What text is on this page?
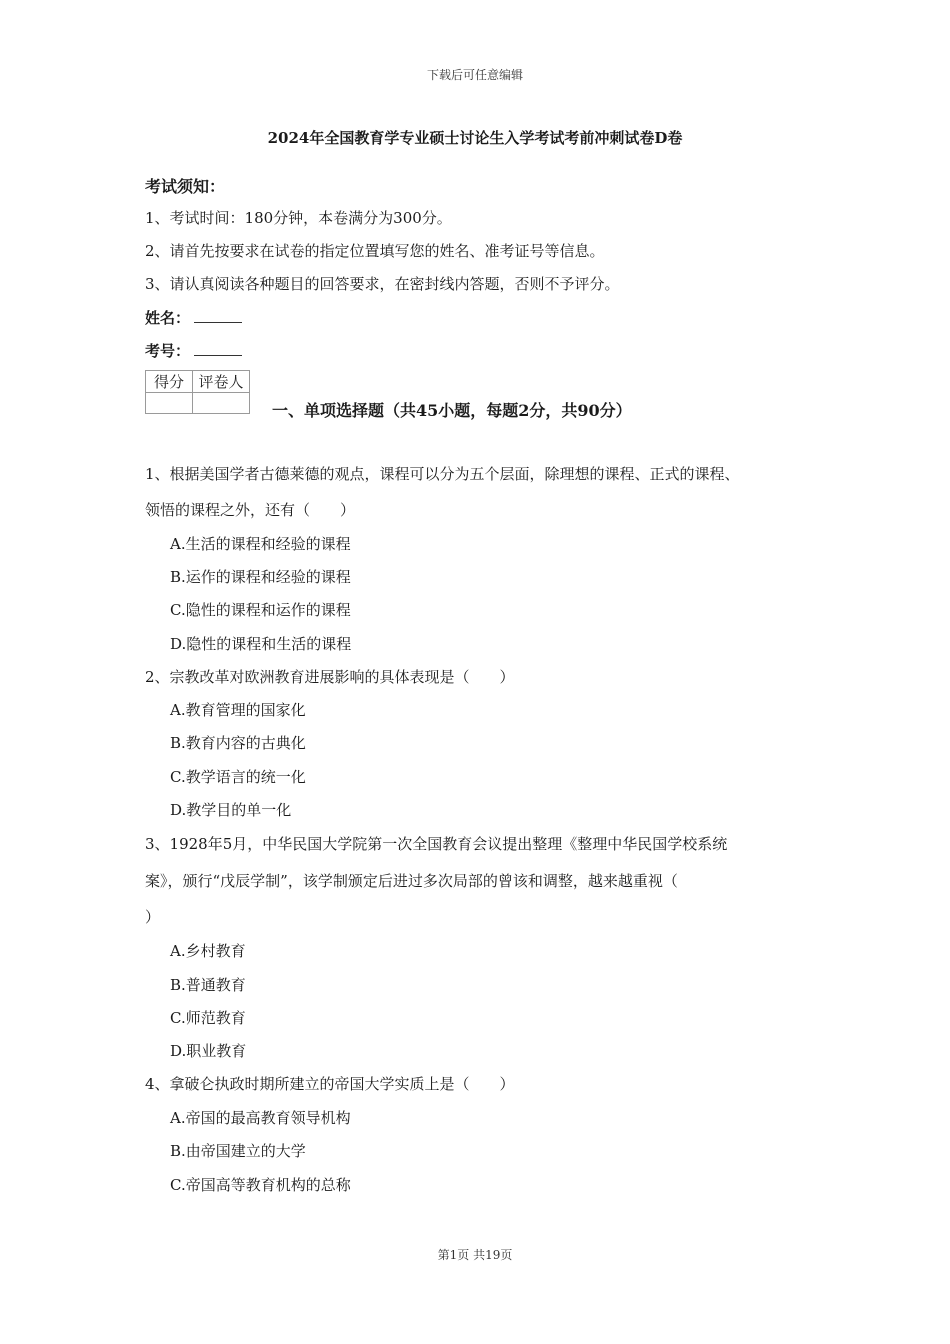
下载后可任意编辑
2024年全国教育学专业硕士讨论生入学考试考前冲刺试卷D卷
考试须知：
1、考试时间：180分钟，本卷满分为300分。
2、请首先按要求在试卷的指定位置填写您的姓名、准考证号等信息。
3、请认真阅读各种题目的回答要求，在密封线内答题，否则不予评分。
姓名：
考号：
得分	评卷人

一、单项选择题（共45小题，每题2分，共90分）
1、根据美国学者古德莱德的观点，课程可以分为五个层面，除理想的课程、正式的课程、
领悟的课程之外，还有（　　）
A.生活的课程和经验的课程
B.运作的课程和经验的课程
C.隐性的课程和运作的课程
D.隐性的课程和生活的课程
2、宗教改革对欧洲教育进展影响的具体表现是（　　）
A.教育管理的国家化
B.教育内容的古典化
C.教学语言的统一化
D.教学目的单一化
3、1928年5月，中华民国大学院第一次全国教育会议提出整理《整理中华民国学校系统
案》，颁行“戊辰学制”，该学制颁定后进过多次局部的曾该和调整，越来越重视（
）
A.乡村教育
B.普通教育
C.师范教育
D.职业教育
4、拿破仑执政时期所建立的帝国大学实质上是（　　）
A.帝国的最高教育领导机构
B.由帝国建立的大学
C.帝国高等教育机构的总称
第1页 共19页
